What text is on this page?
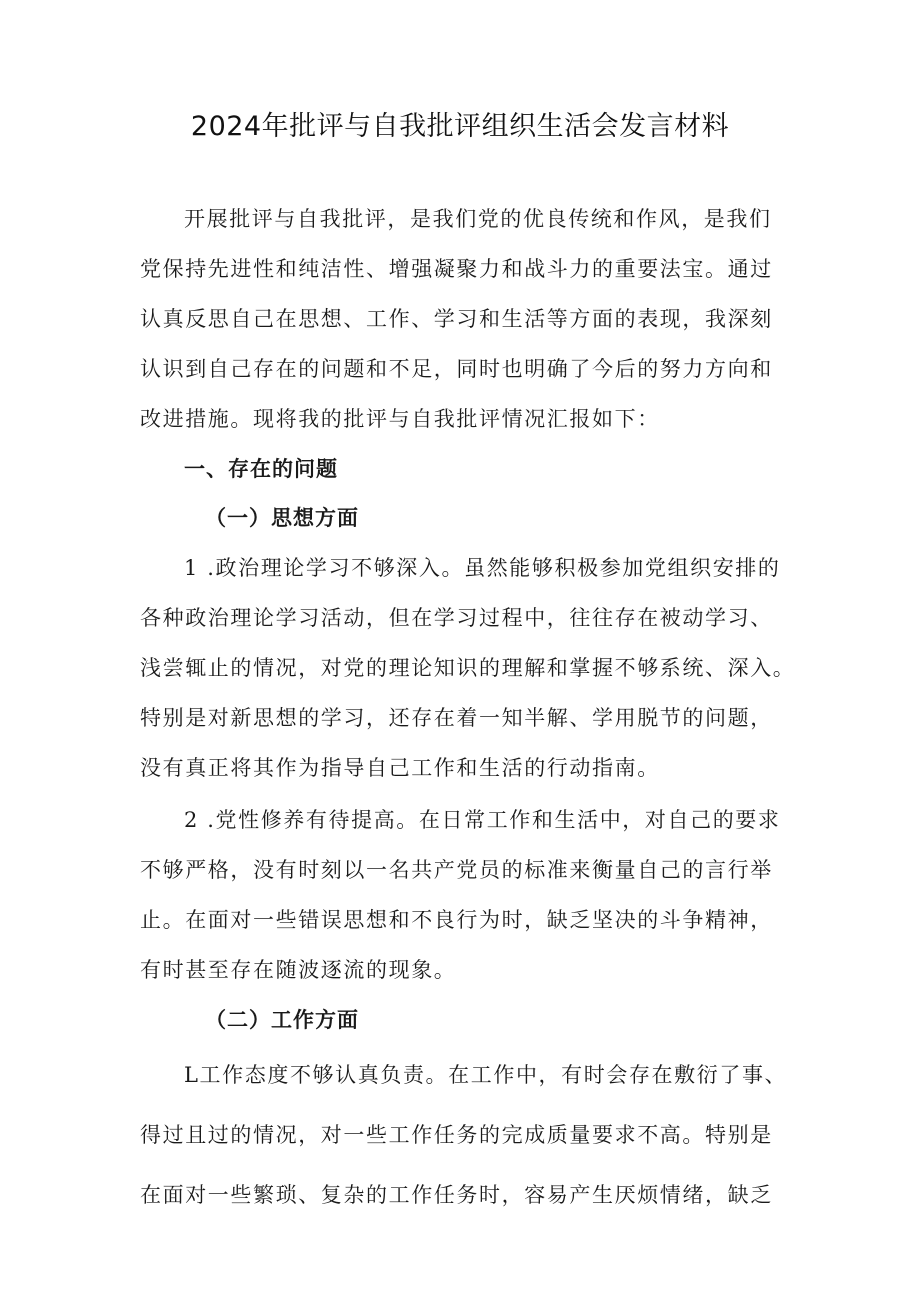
2024年批评与自我批评组织生活会发言材料
开展批评与自我批评，是我们党的优良传统和作风，是我们
党保持先进性和纯洁性、增强凝聚力和战斗力的重要法宝。通过
认真反思自己在思想、工作、学习和生活等方面的表现，我深刻
认识到自己存在的问题和不足，同时也明确了今后的努力方向和
改进措施。现将我的批评与自我批评情况汇报如下：
一、存在的问题
（一）思想方面
1 .政治理论学习不够深入。虽然能够积极参加党组织安排的
各种政治理论学习活动，但在学习过程中，往往存在被动学习、
浅尝辄止的情况，对党的理论知识的理解和掌握不够系统、深入。
特别是对新思想的学习，还存在着一知半解、学用脱节的问题，
没有真正将其作为指导自己工作和生活的行动指南。
2 .党性修养有待提高。在日常工作和生活中，对自己的要求
不够严格，没有时刻以一名共产党员的标准来衡量自己的言行举
止。在面对一些错误思想和不良行为时，缺乏坚决的斗争精神，
有时甚至存在随波逐流的现象。
（二）工作方面
L工作态度不够认真负责。在工作中，有时会存在敷衍了事、
得过且过的情况，对一些工作任务的完成质量要求不高。特别是
在面对一些繁琐、复杂的工作任务时，容易产生厌烦情绪，缺乏
